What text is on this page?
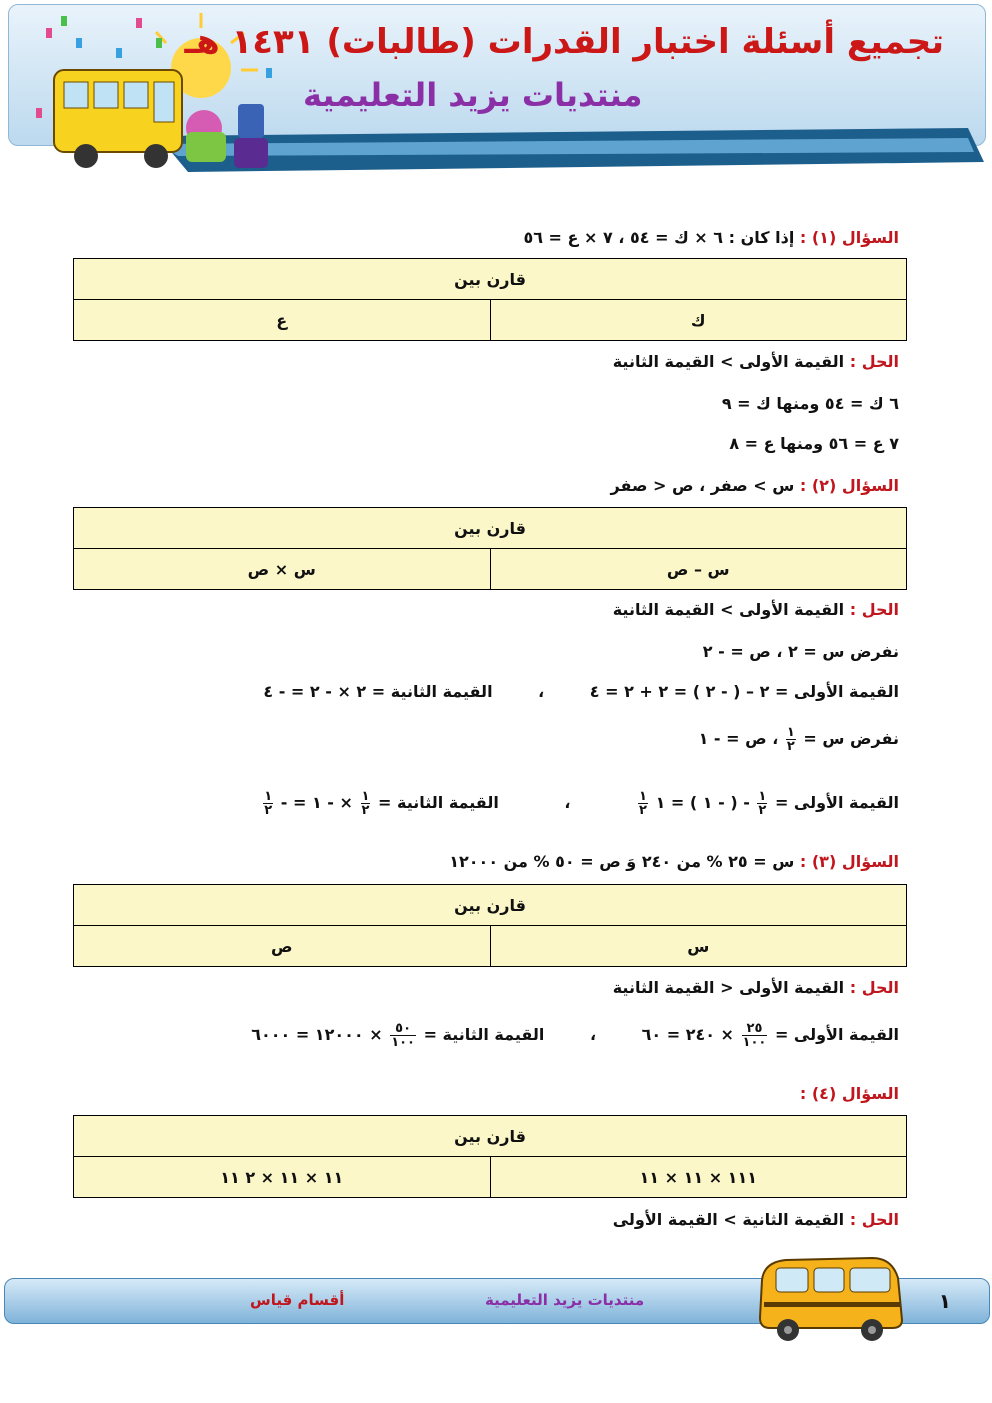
تجميع أسئلة اختبار القدرات (طالبات) ١٤٣١ هـ
منتديات يزيد التعليمية
السؤال (١) : إذا كان : ٦ × ك = ٥٤ ، ٧ × ع = ٥٦
قارن بين
ك	ع
الحل : القيمة الأولى > القيمة الثانية
٦ ك = ٥٤ ومنها ك = ٩
٧ ع = ٥٦ ومنها ع = ٨
السؤال (٢) : س > صفر ، ص < صفر
قارن بين
س – ص	س × ص
الحل : القيمة الأولى > القيمة الثانية
نفرض س = ٢ ، ص = - ٢
القيمة الأولى = ٢ – ( - ٢ ) = ٢ + ٢ = ٤ ، القيمة الثانية = ٢ × - ٢ = - ٤
نفرض س =
$\frac{١}{٢}$
، ص = - ١
القيمة الأولى =
$\frac{١}{٢}$
- ( - ١ ) = ١
$\frac{١}{٢}$
، القيمة الثانية =
$\frac{١}{٢}$
× - ١ = -
$\frac{١}{٢}$
السؤال (٣) : س = ٢٥ % من ٢٤٠ وَ ص = ٥٠ % من ١٢٠٠٠
قارن بين
س	ص
الحل : القيمة الأولى < القيمة الثانية
القيمة الأولى =
$\frac{٢٥}{١٠٠}$
× ٢٤٠ = ٦٠ ، القيمة الثانية =
$\frac{٥٠}{١٠٠}$
× ١٢٠٠٠ = ٦٠٠٠
السؤال (٤) :
قارن بين
١١١ × ١١ × ١١	١١ × ١١ × ٢ ١١
الحل : القيمة الثانية > القيمة الأولى
١
منتديات يزيد التعليمية
أقسام قياس
